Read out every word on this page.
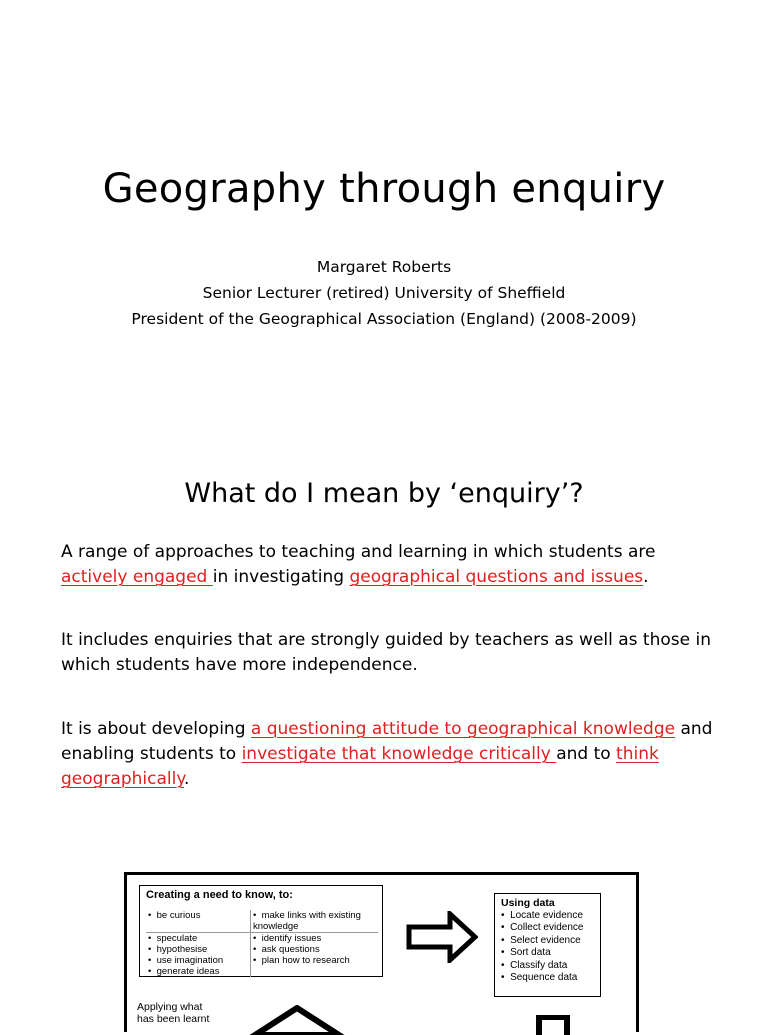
Geography through enquiry
Margaret Roberts
Senior Lecturer (retired) University of Sheffield
President of the Geographical Association (England) (2008-2009)
What do I mean by ‘enquiry’?

A range of approaches to teaching and learning in which students are actively engaged in investigating geographical questions and issues.

It includes enquiries that are strongly guided by teachers as well as those in which students have more independence.

It is about developing a questioning attitude to geographical knowledge and enabling students to investigate that knowledge critically and to think geographically.

Creating a need to know, to:
•  be curious	•  make links with existing knowledge
•  speculate	•  identify issues
•  hypothesise	•  ask questions
•  use imagination	•  plan how to research
•  generate ideas	
Using data
•  Locate evidence
•  Collect evidence
•  Select evidence
•  Sort data
•  Classify data
•  Sequence data
Applying what
has been learnt
